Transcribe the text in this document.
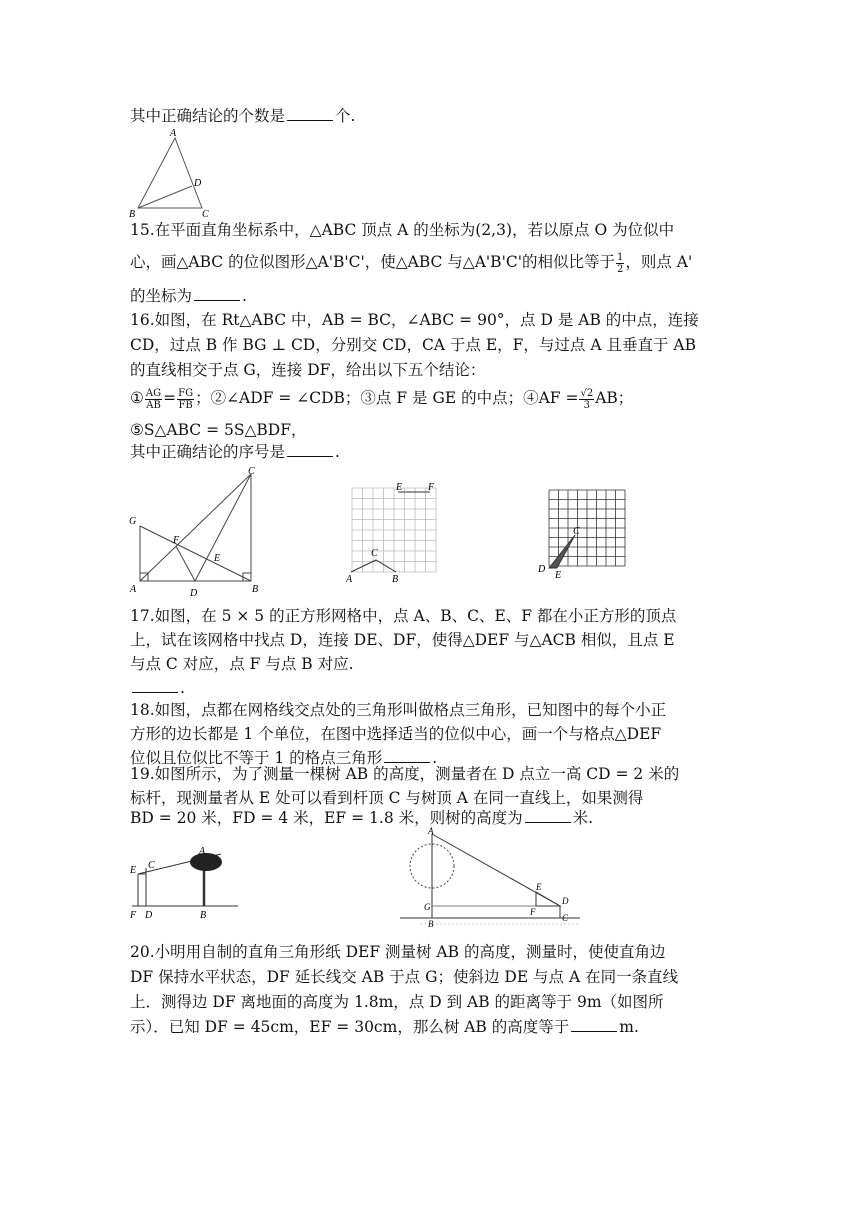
其中正确结论的个数是	个.
A
D
B	C
15.在平面直角坐标系中，△ABC 顶点 A 的坐标为(2,3)，若以原点 O 为位似中
心，画△ABC 的位似图形△A'B'C'，使△ABC 与△A'B'C'的相似比等于 $\frac{1}{2}$ ，则点 A'
的坐标为	.
16.如图，在 Rt△ABC 中，AB = BC，∠ABC = 90°，点 D 是 AB 的中点，连接
CD，过点 B 作 BG ⊥ CD，分别交 CD，CA 于点 E，F，与过点 A 且垂直于 AB
的直线相交于点 G，连接 DF，给出以下五个结论：
① $\frac{AG}{AB} = \frac{FG}{FB}$ ；②∠ADF = ∠CDB；③点 F 是 GE 的中点；④AF = $\frac{√2}{3}$ AB；
⑤S△ABC = 5S△BDF，
其中正确结论的序号是	.
G
F
E
C
A	D	B
E	F
C
A	B
C
D
E
17.如图，在 5 × 5 的正方形网格中，点 A、B、C、E、F 都在小正方形的顶点
上，试在该网格中找点 D，连接 DE、DF，使得△DEF 与△ACB 相似，且点 E
与点 C 对应，点 F 与点 B 对应.
.
18.如图，点都在网格线交点处的三角形叫做格点三角形，已知图中的每个小正
方形的边长都是 1 个单位，在图中选择适当的位似中心，画一个与格点△DEF
位似且位似比不等于 1 的格点三角形	.
19.如图所示，为了测量一棵树 AB 的高度，测量者在 D 点立一高 CD = 2 米的
标杆，现测量者从 E 处可以看到杆顶 C 与树顶 A 在同一直线上，如果测得
BD = 20 米，FD = 4 米，EF = 1.8 米，则树的高度为	米.
E C
A
F D	B
A
G
B
E
F
D
C
20.小明用自制的直角三角形纸 DEF 测量树 AB 的高度，测量时，使使直角边
DF 保持水平状态，DF 延长线交 AB 于点 G；使斜边 DE 与点 A 在同一条直线
上．测得边 DF 离地面的高度为 1.8m，点 D 到 AB 的距离等于 9m（如图所
示）．已知 DF = 45cm，EF = 30cm，那么树 AB 的高度等于	m.
